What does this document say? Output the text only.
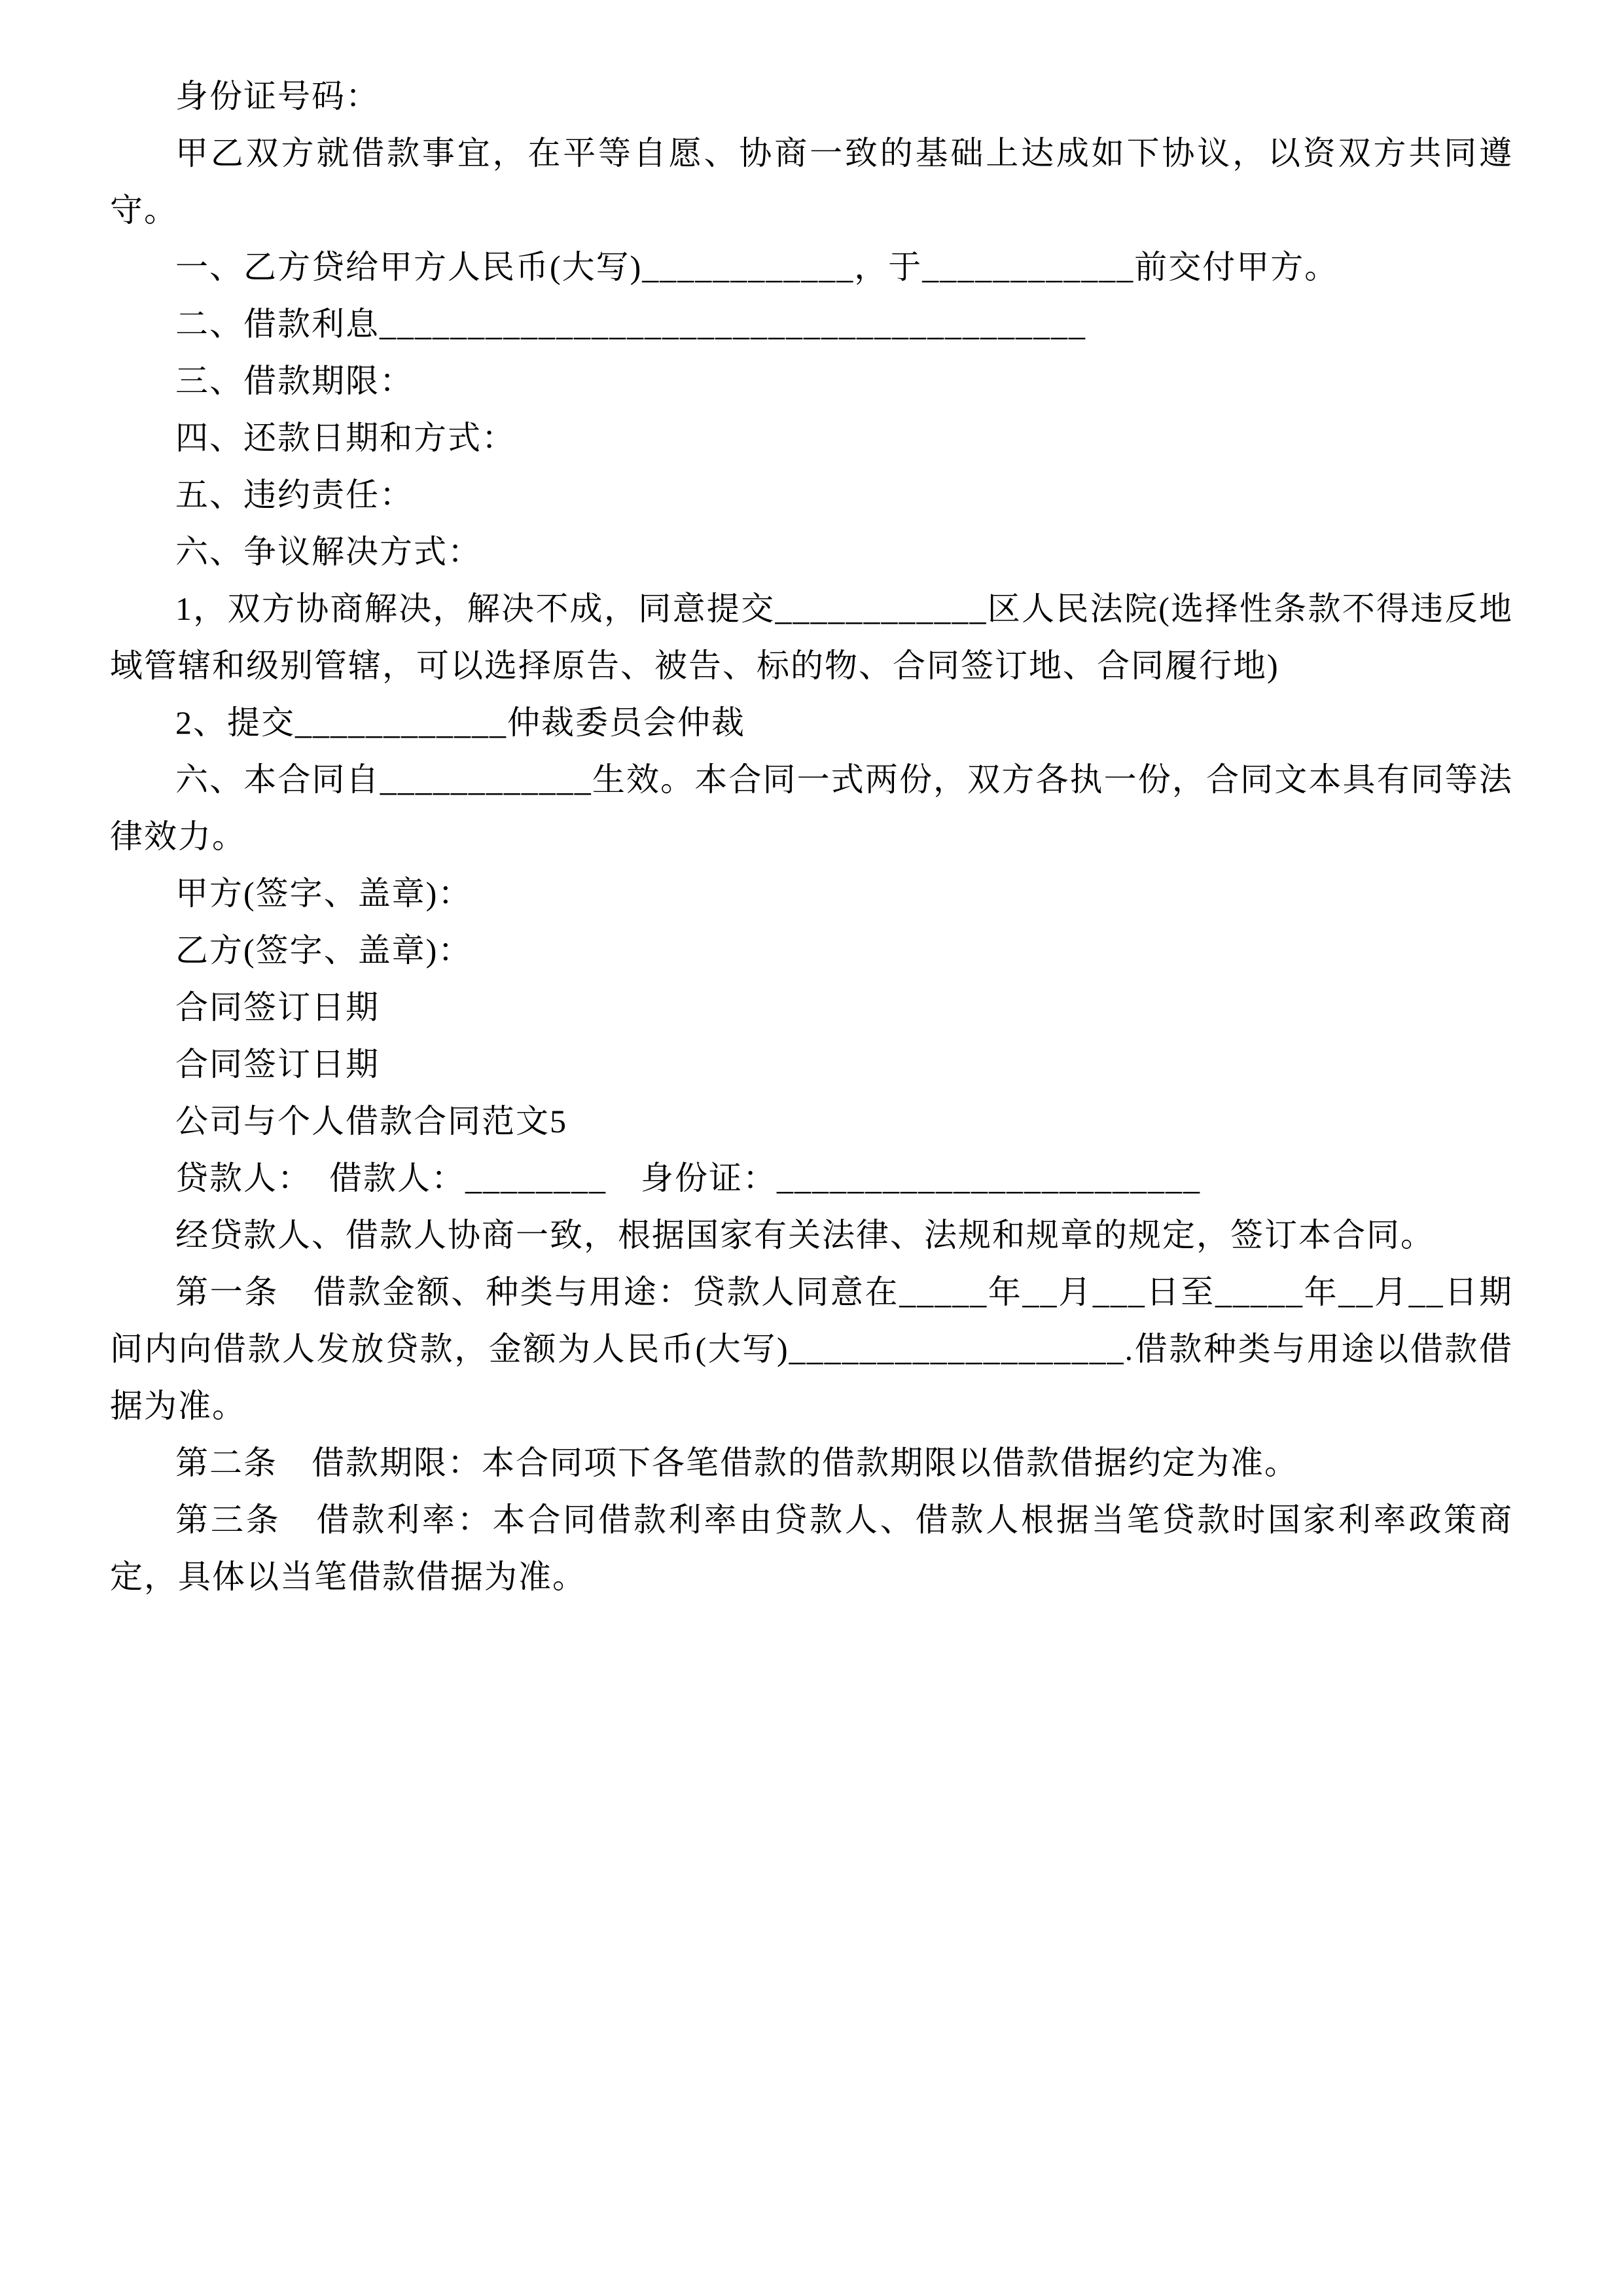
身份证号码：

甲乙双方就借款事宜，在平等自愿、协商一致的基础上达成如下协议，以资双方共同遵守。

一、乙方贷给甲方人民币(大写)____________，于____________前交付甲方。

二、借款利息________________________________________

三、借款期限：

四、还款日期和方式：

五、违约责任：

六、争议解决方式：

1，双方协商解决，解决不成，同意提交____________区人民法院(选择性条款不得违反地域管辖和级别管辖，可以选择原告、被告、标的物、合同签订地、合同履行地)

2、提交____________仲裁委员会仲裁

六、本合同自____________生效。本合同一式两份，双方各执一份，合同文本具有同等法律效力。

甲方(签字、盖章)：

乙方(签字、盖章)：

合同签订日期

合同签订日期

公司与个人借款合同范文5

贷款人：　借款人：________　身份证：________________________

经贷款人、借款人协商一致，根据国家有关法律、法规和规章的规定，签订本合同。

第一条　借款金额、种类与用途：贷款人同意在_____年__月___日至_____年__月__日期间内向借款人发放贷款，金额为人民币(大写)___________________.借款种类与用途以借款借据为准。

第二条　借款期限：本合同项下各笔借款的借款期限以借款借据约定为准。

第三条　借款利率：本合同借款利率由贷款人、借款人根据当笔贷款时国家利率政策商定，具体以当笔借款借据为准。
